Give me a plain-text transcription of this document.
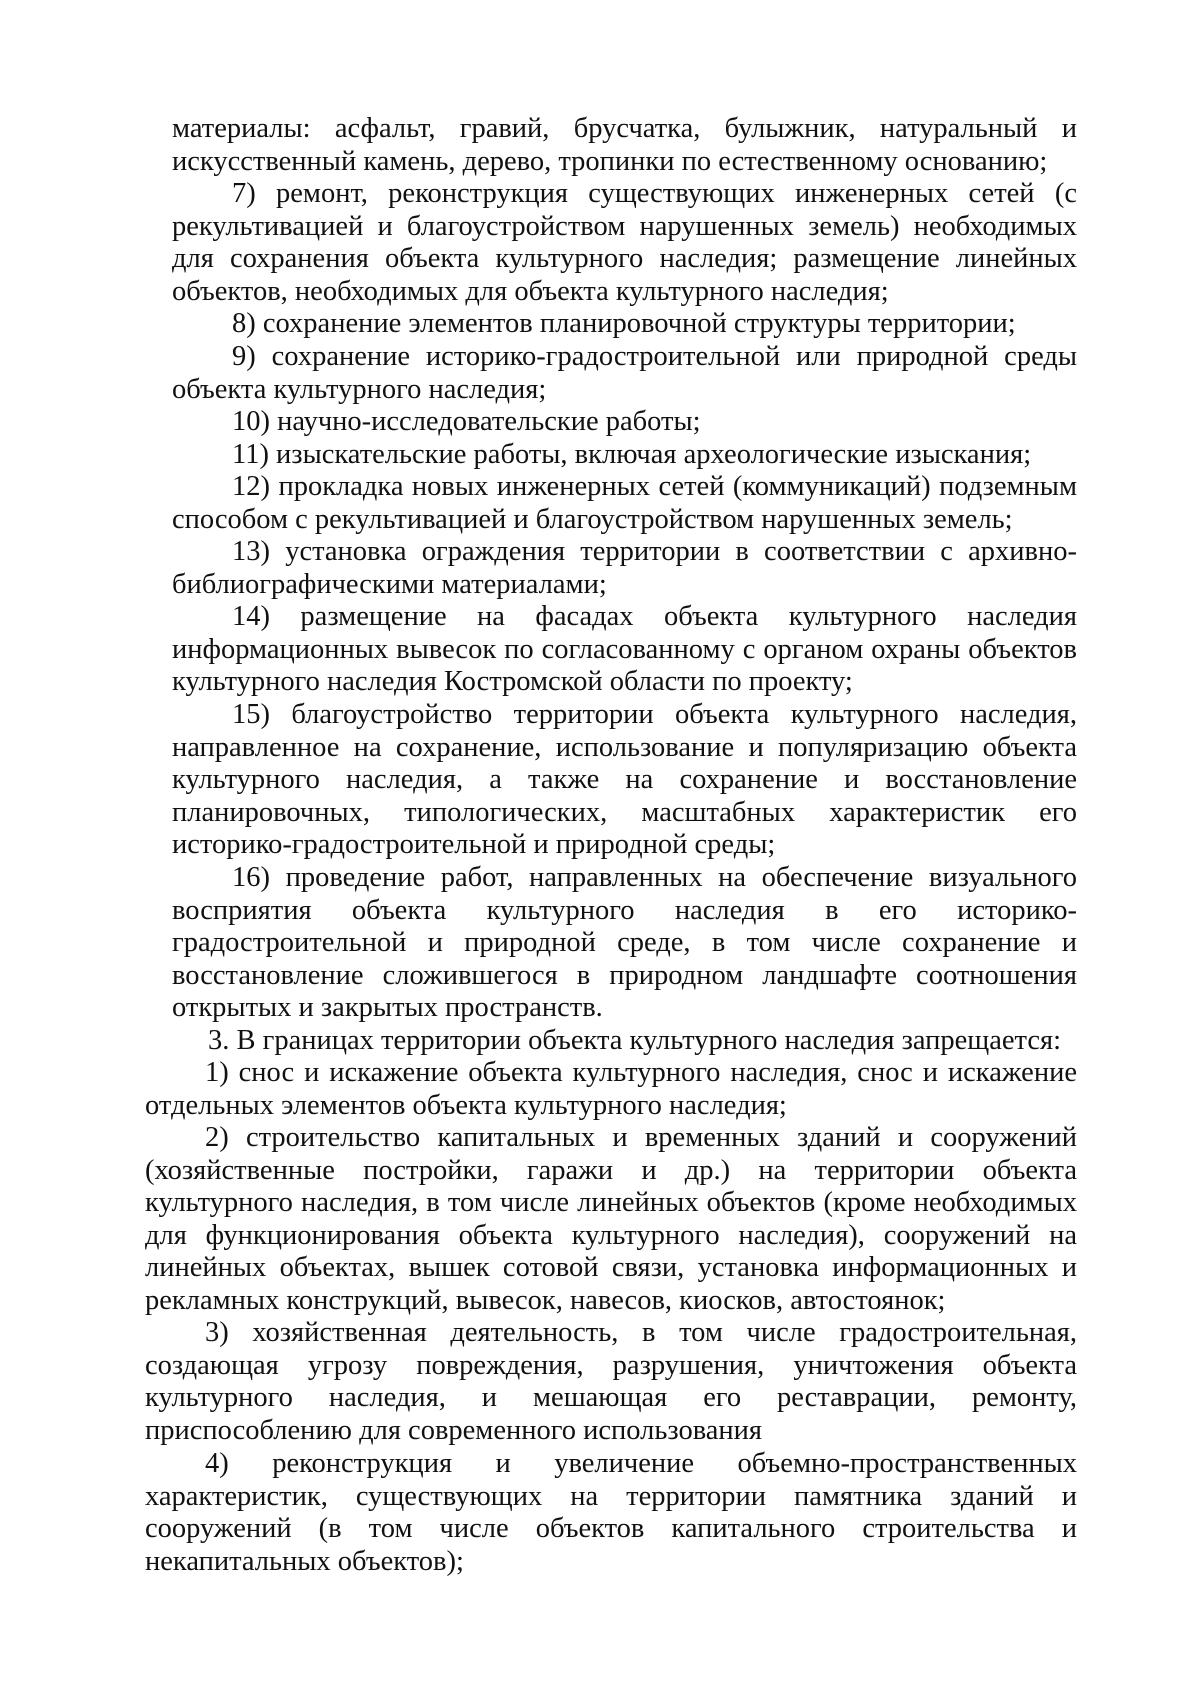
материалы: асфальт, гравий, брусчатка, булыжник, натуральный и искусственный камень, дерево, тропинки по естественному основанию;

7) ремонт, реконструкция существующих инженерных сетей (с рекультивацией и благоустройством нарушенных земель) необходимых для сохранения объекта культурного наследия; размещение линейных объектов, необходимых для объекта культурного наследия;

8) сохранение элементов планировочной структуры территории;

9) сохранение историко-градостроительной или природной среды объекта культурного наследия;

10) научно-исследовательские работы;

11) изыскательские работы, включая археологические изыскания;

12) прокладка новых инженерных сетей (коммуникаций) подземным способом с рекультивацией и благоустройством нарушенных земель;

13) установка ограждения территории в соответствии с архивно-библиографическими материалами;

14) размещение на фасадах объекта культурного наследия информационных вывесок по согласованному с органом охраны объектов культурного наследия Костромской области по проекту;

15) благоустройство территории объекта культурного наследия, направленное на сохранение, использование и популяризацию объекта культурного наследия, а также на сохранение и восстановление планировочных, типологических, масштабных характеристик его историко-градостроительной и природной среды;

16) проведение работ, направленных на обеспечение визуального восприятия объекта культурного наследия в его историко-градостроительной и природной среде, в том числе сохранение и восстановление сложившегося в природном ландшафте соотношения открытых и закрытых пространств.

3. В границах территории объекта культурного наследия запрещается:

1) снос и искажение объекта культурного наследия, снос и искажение отдельных элементов объекта культурного наследия;

2) строительство капитальных и временных зданий и сооружений (хозяйственные постройки, гаражи и др.) на территории объекта культурного наследия, в том числе линейных объектов (кроме необходимых для функционирования объекта культурного наследия), сооружений на линейных объектах, вышек сотовой связи, установка информационных и рекламных конструкций, вывесок, навесов, киосков, автостоянок;

3) хозяйственная деятельность, в том числе градостроительная, создающая угрозу повреждения, разрушения, уничтожения объекта культурного наследия, и мешающая его реставрации, ремонту, приспособлению для современного использования

4) реконструкция и увеличение объемно-пространственных характеристик, существующих на территории памятника зданий и сооружений (в том числе объектов капитального строительства и некапитальных объектов);
